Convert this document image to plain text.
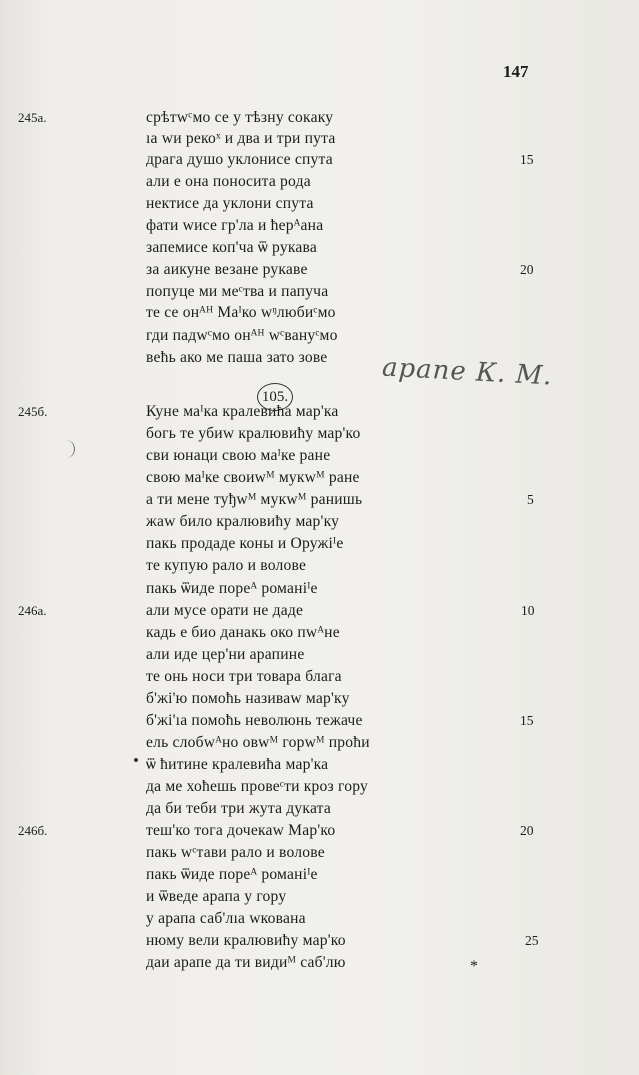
147
105.
арапе К. М.
*
срѣтwᶜмо се у тѣзну сокаку
ıа wи рекоˣ и два и три пута
драга душо уклонисе спута
али е она поноcита рода
нектисе да уклони спута
фати wисе гр'ла и ћерᴬана
запемисе коп'ча ѿ рукава
за аикуне везане рукаве
попуце ми меᶜтва и папуча
те се онᴬᴴ Маᴵко wᵑлюбиᶜмо
гди падwᶜмо онᴬᴴ wᶜвануᶜмо
већь ако ме паша зато зове
Куне маᴵка кралевића мар'ка
богь те убиw кралювићу мар'ко
сви юнаци свою маᴵке ране
свою маᴵке своиwᴹ мукwᴹ ране
а ти мене туђwᴹ мукwᴹ ранишь
жаw било кралювићу мар'ку
пакь продаде коны и Оружіᴵе
те купую рало и волове
пакь ѿиде пореᴬ романіᴵе
али мусе орати не даде
кадь е био данакь око пwᴬне
али иде цер'ни арапине
те онь носи три товара блага
б'жі'ю помоћь називаw мар'ку
б'жі'ıа помоћь неволюнь тежаче
ель слобwᴬно овwᴹ горwᴹ проћи
ѿ ћитине кралевића мар'ка
да ме хоћешь провеᶜти кроз гору
да би теби три жута дуката
теш'ко тога дочекаw Мар'ко
пакь wᶜтави рало и волове
пакь ѿиде пореᴬ романіᴵе
и ѿведе арапа у гору
у арапа саб'лıа wкована
нюму вели кралювићу мар'ко
даи арапе да ти видиᴹ саб'лю
245а.
245б.
246а.
246б.
15
20
5
10
15
20
25
